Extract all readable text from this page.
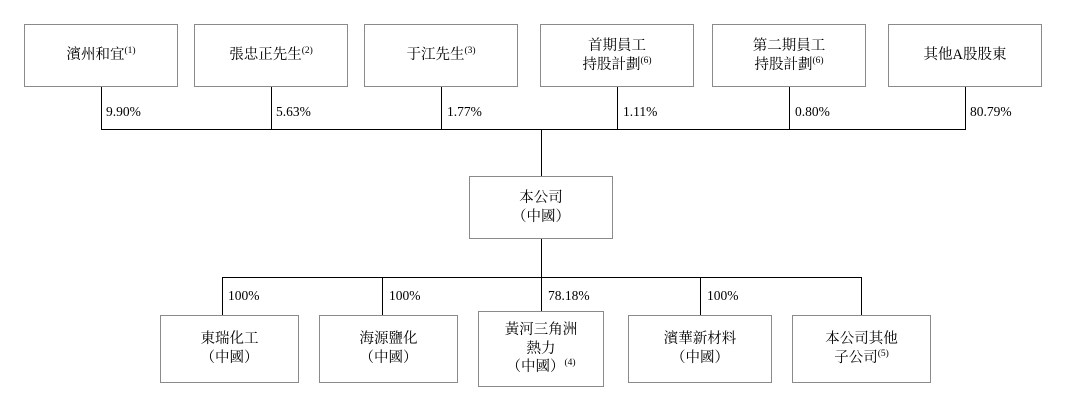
濱州和宜$^{(1)}$	張忠正先生$^{(2)}$	于江先生$^{(3)}$	首期員工
持股計劃$^{(6)}$
第二期員工
持股計劃$^{(6)}$	其他A股股東
9.90%	5.63%	1.77%	1.11%	0.80%	80.79%
本公司
（中國）
100%	100%	78.18%	100%
東瑞化工
（中國）
海源鹽化
（中國）
黃河三角洲
熱力
（中國）$^{(4)}$
濱華新材料
（中國）
本公司其他
子公司$^{(5)}$
